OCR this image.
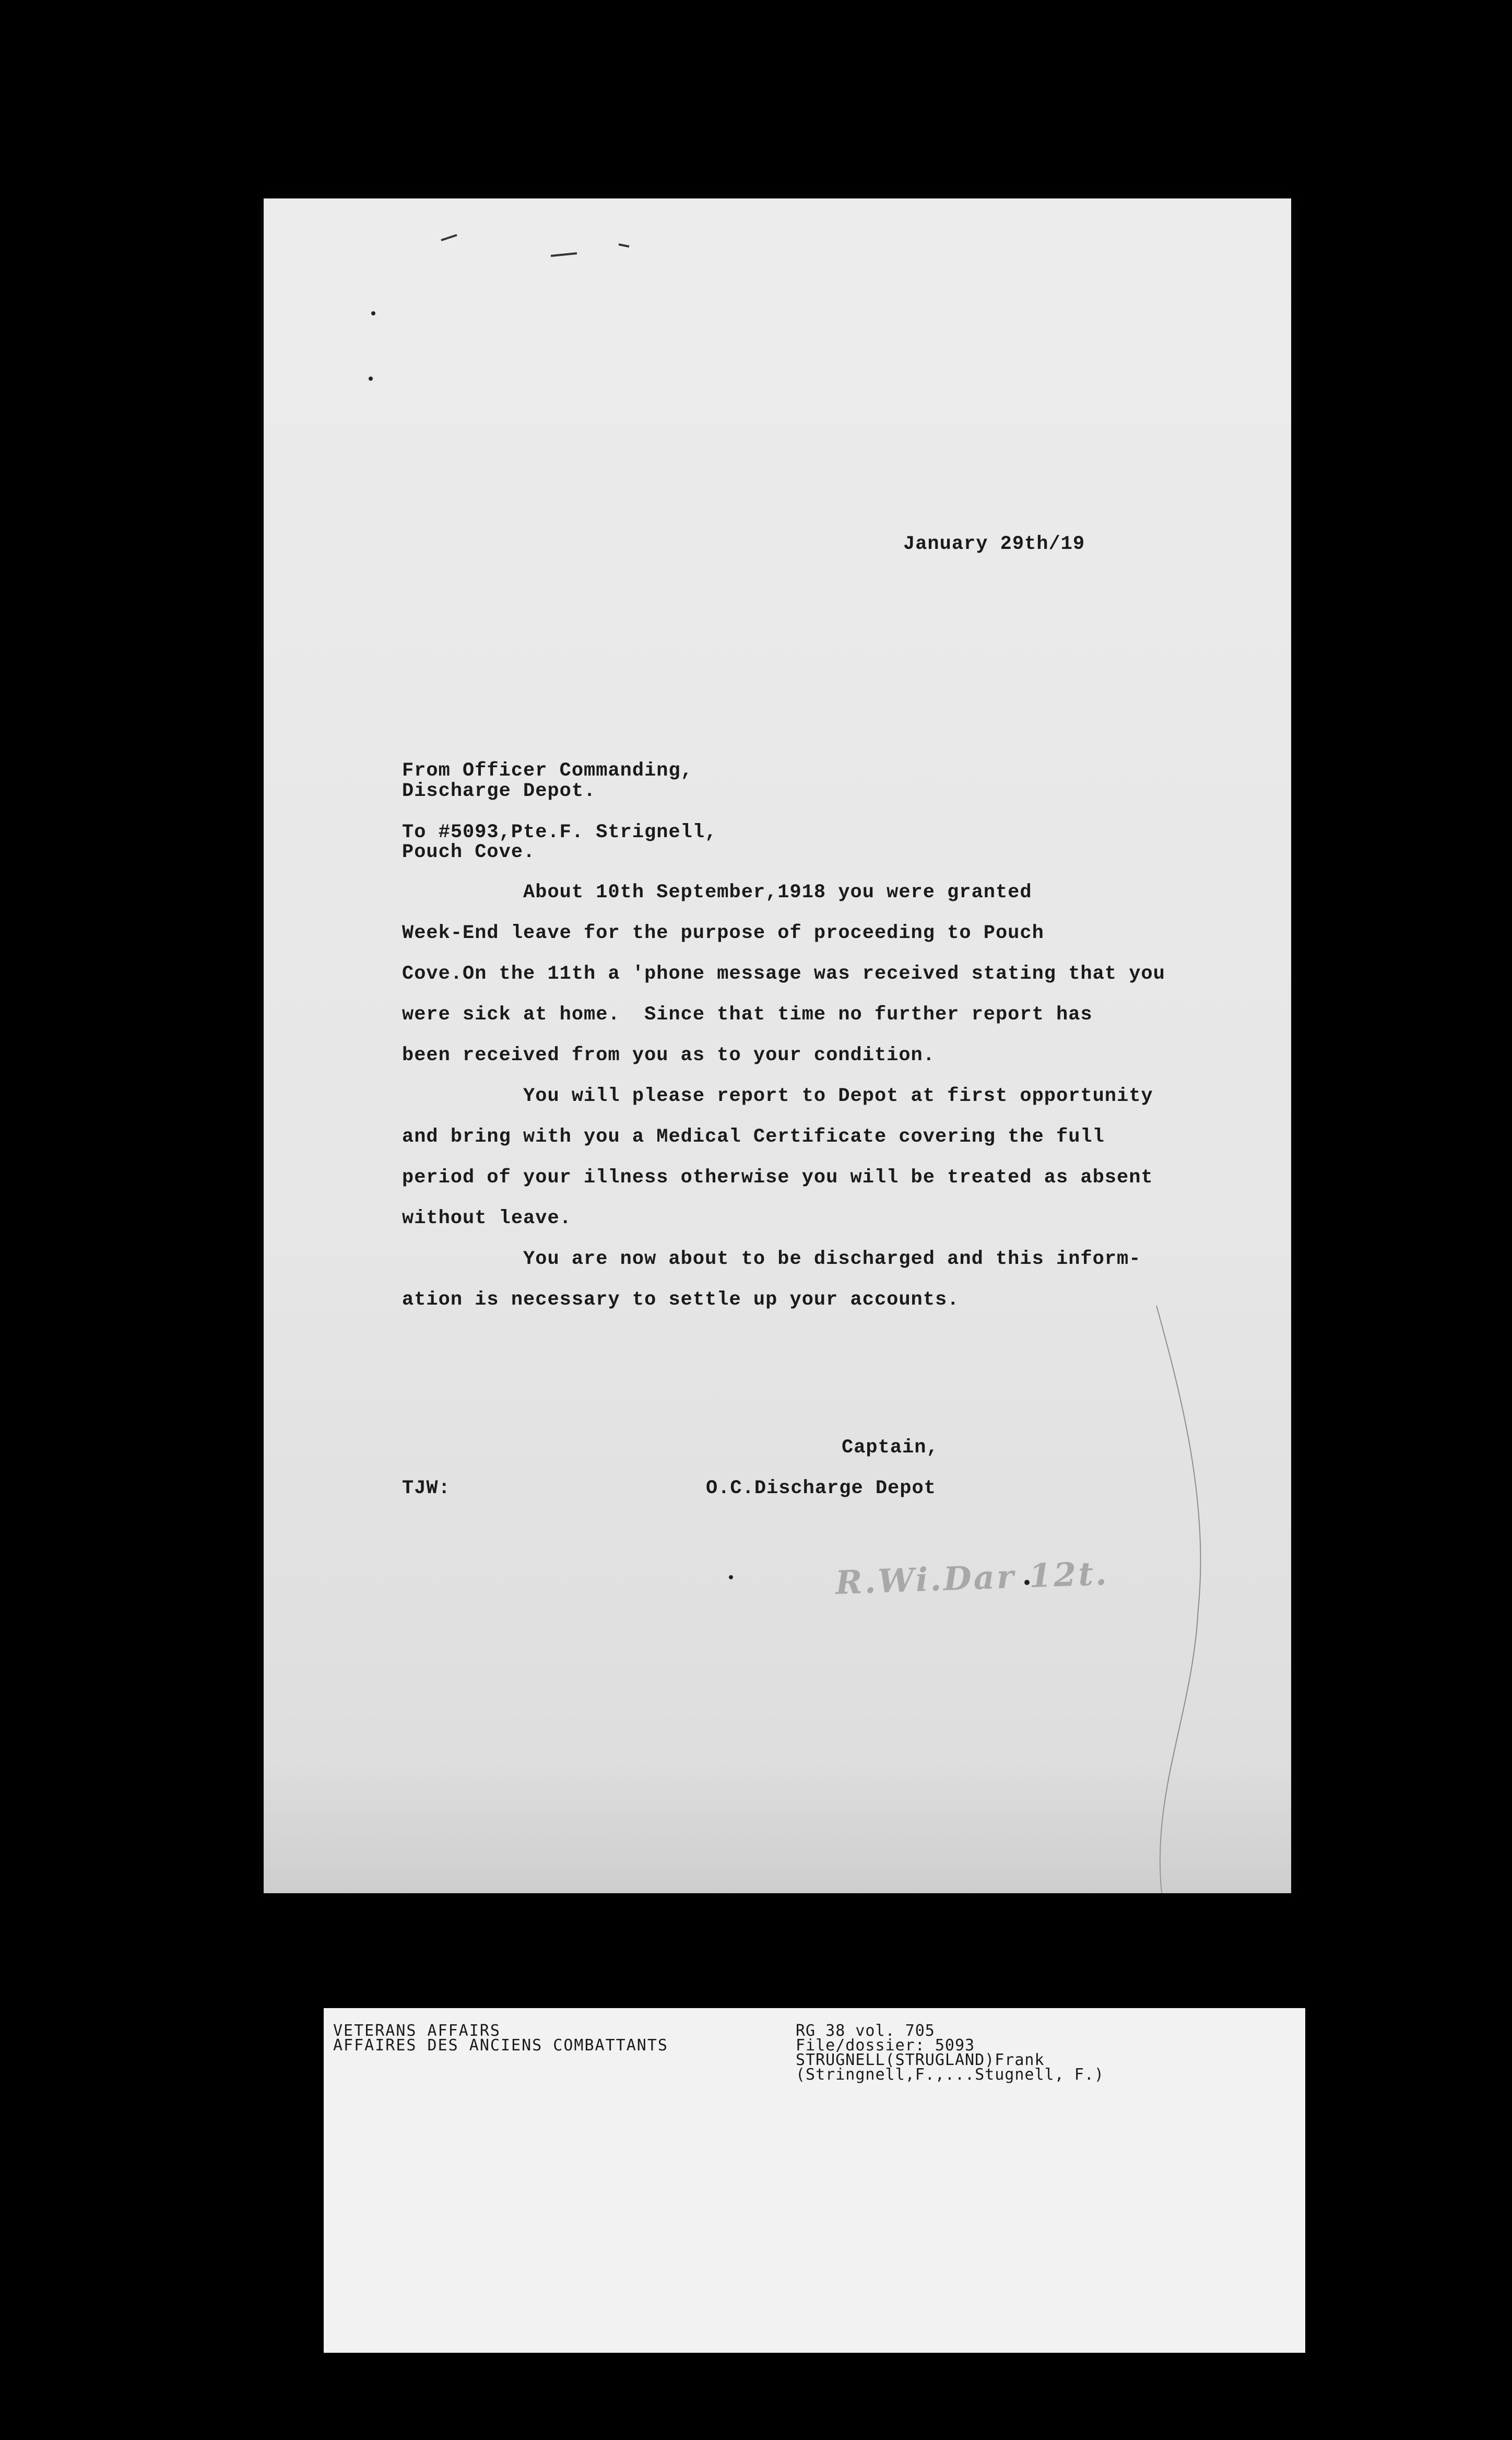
January 29th/19
From Officer Commanding,
Discharge Depot.
To #5093,Pte.F. Strignell,
Pouch Cove.

About 10th September,1918 you were granted

Week-End leave for the purpose of proceeding to Pouch

Cove.On the 11th a 'phone message was received stating that you

were sick at home.  Since that time no further report has

been received from you as to your condition.

You will please report to Depot at first opportunity

and bring with you a Medical Certificate covering the full

period of your illness otherwise you will be treated as absent

without leave.

You are now about to be discharged and this inform-

ation is necessary to settle up your accounts.

Captain,
TJW:	O.C.Discharge Depot
R.Wi.Dar 12t.
VETERANS AFFAIRS
AFFAIRES DES ANCIENS COMBATTANTS
RG 38 vol. 705
File/dossier: 5093
STRUGNELL(STRUGLAND)Frank
(Stringnell,F.,...Stugnell, F.)
